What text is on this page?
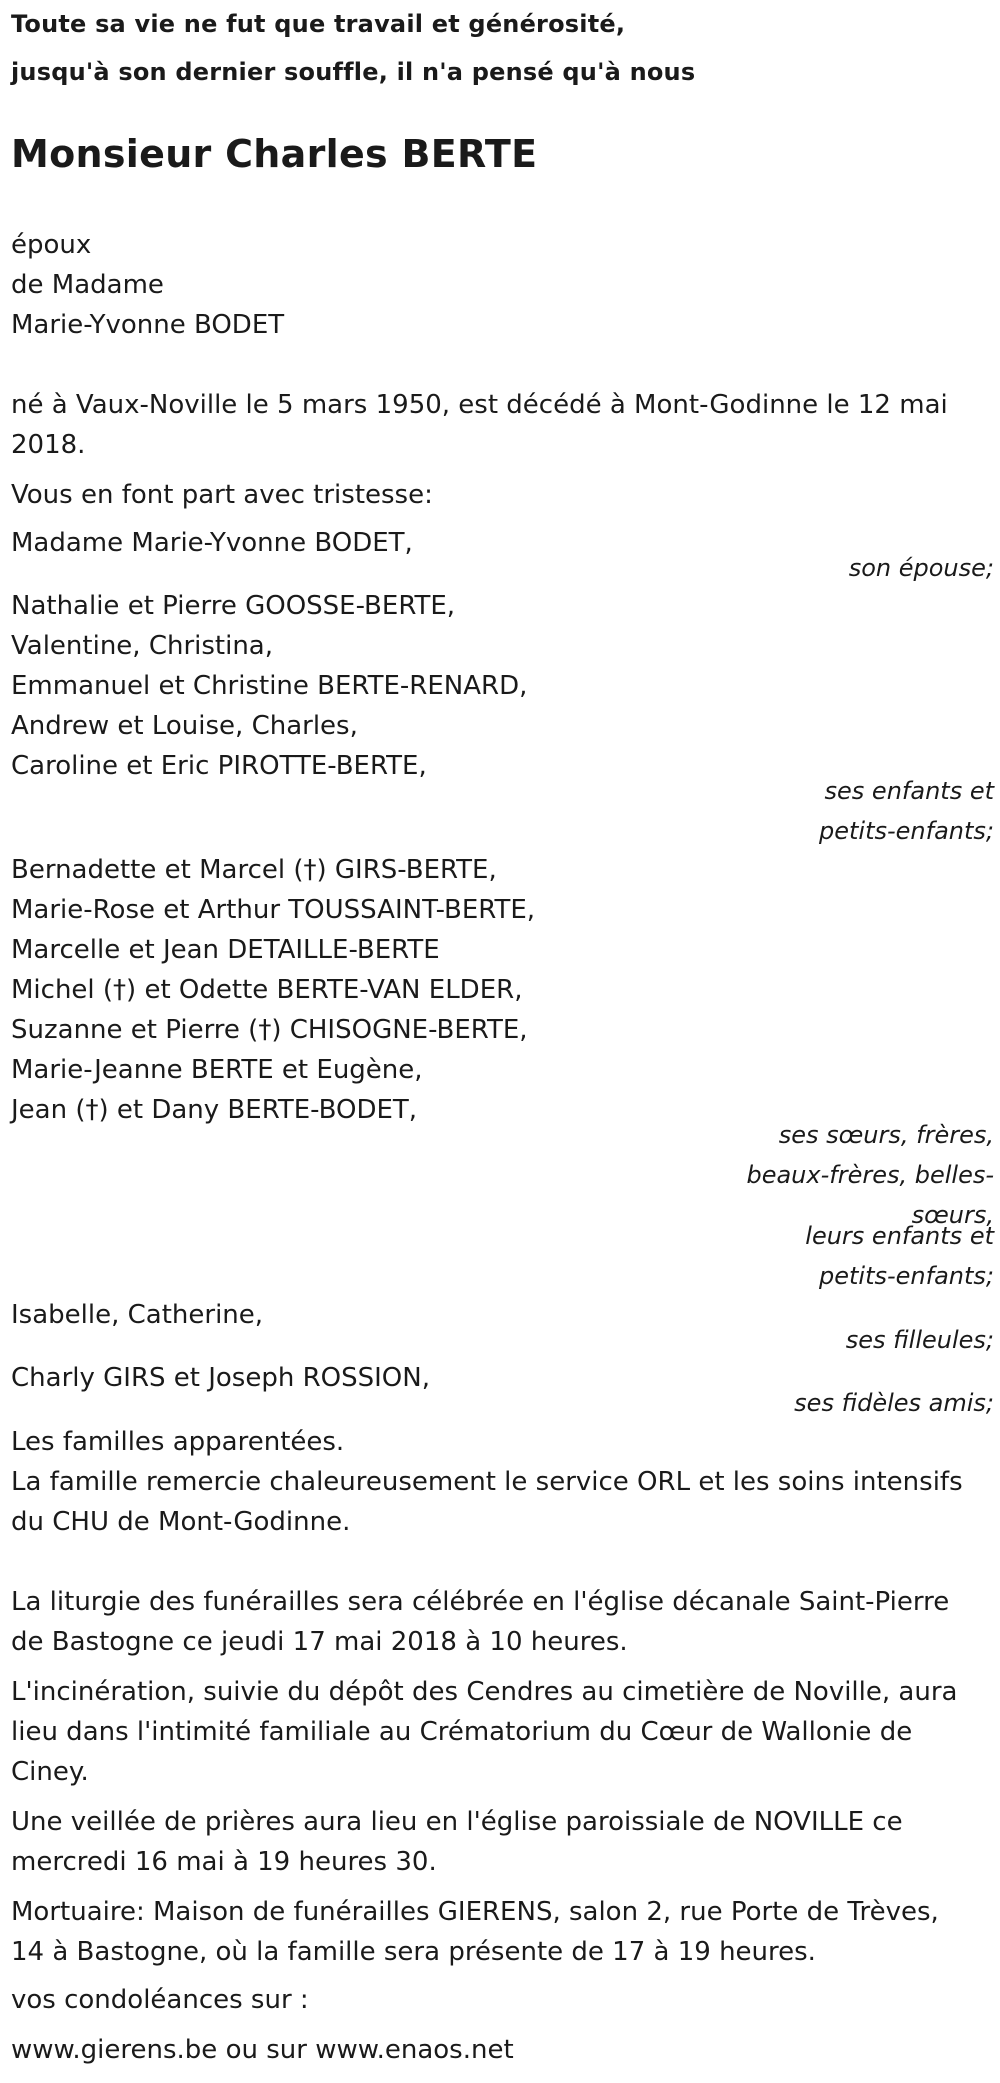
Toute sa vie ne fut que travail et générosité,

jusqu'à son dernier souffle, il n'a pensé qu'à nous

Monsieur Charles BERTE

époux
de Madame
Marie-Yvonne BODET
né à Vaux-Noville le 5 mars 1950, est décédé à Mont-Godinne le 12 mai
2018.
Vous en font part avec tristesse:
Madame Marie-Yvonne BODET,
son épouse;
Nathalie et Pierre GOOSSE-BERTE,
Valentine, Christina,
Emmanuel et Christine BERTE-RENARD,
Andrew et Louise, Charles,
Caroline et Eric PIROTTE-BERTE,
ses enfants et
petits-enfants;
Bernadette et Marcel (†) GIRS-BERTE,
Marie-Rose et Arthur TOUSSAINT-BERTE,
Marcelle et Jean DETAILLE-BERTE
Michel (†) et Odette BERTE-VAN ELDER,
Suzanne et Pierre (†) CHISOGNE-BERTE,
Marie-Jeanne BERTE et Eugène,
Jean (†) et Dany BERTE-BODET,
ses sœurs, frères,
beaux-frères, belles-
sœurs,
leurs enfants et
petits-enfants;
Isabelle, Catherine,
ses filleules;
Charly GIRS et Joseph ROSSION,
ses fidèles amis;
Les familles apparentées.
La famille remercie chaleureusement le service ORL et les soins intensifs
du CHU de Mont-Godinne.
La liturgie des funérailles sera célébrée en l'église décanale Saint-Pierre
de Bastogne ce jeudi 17 mai 2018 à 10 heures.
L'incinération, suivie du dépôt des Cendres au cimetière de Noville, aura
lieu dans l'intimité familiale au Crématorium du Cœur de Wallonie de
Ciney.
Une veillée de prières aura lieu en l'église paroissiale de NOVILLE ce
mercredi 16 mai à 19 heures 30.
Mortuaire: Maison de funérailles GIERENS, salon 2, rue Porte de Trèves,
14 à Bastogne, où la famille sera présente de 17 à 19 heures.
vos condoléances sur :
www.gierens.be ou sur www.enaos.net
